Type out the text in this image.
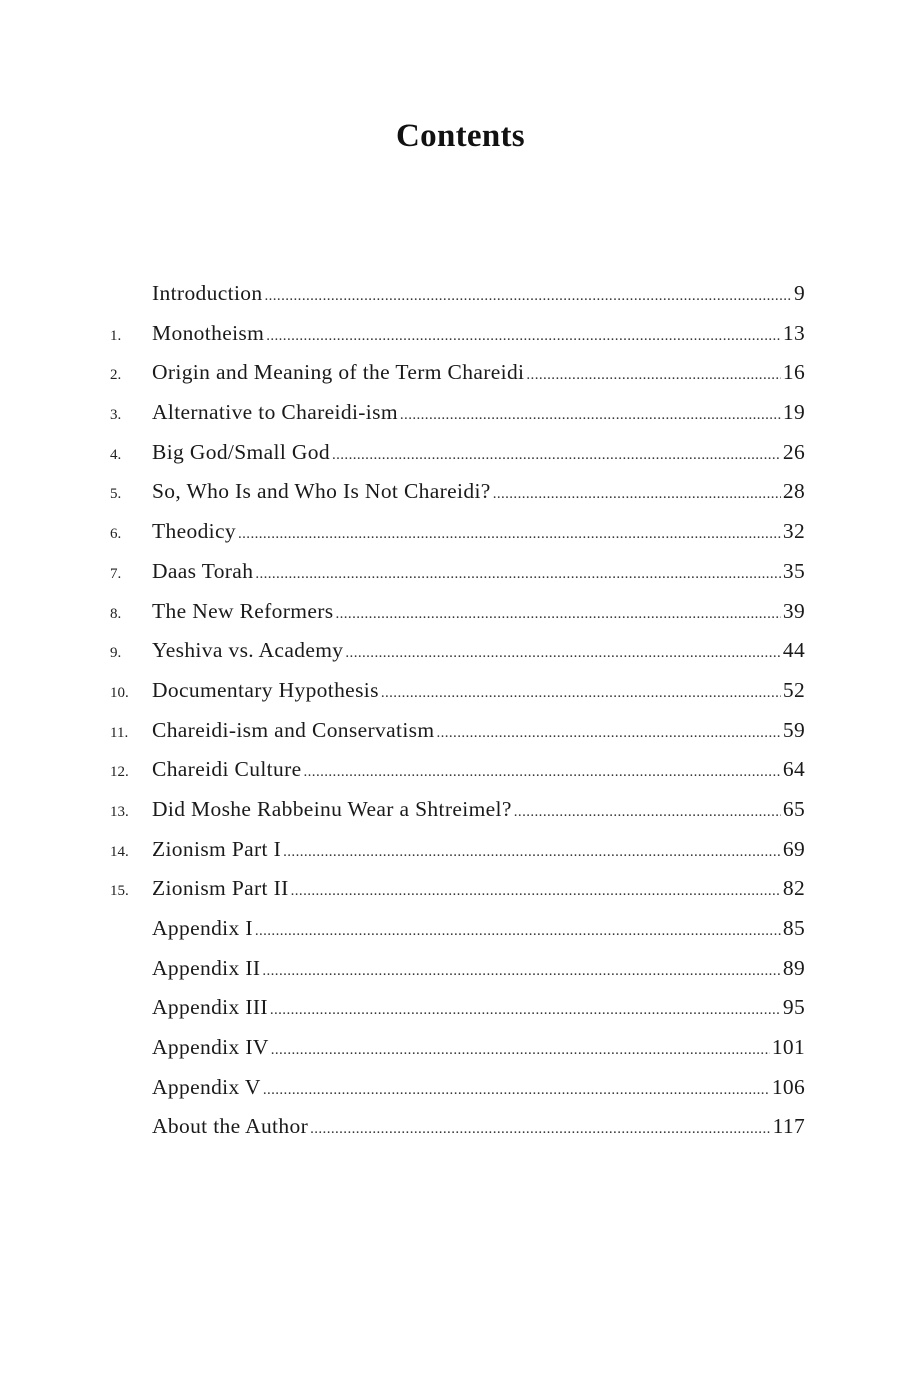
Contents
Introduction .....	9
1.	Monotheism .....	13
2.	Origin and Meaning of the Term Chareidi .....	16
3.	Alternative to Chareidi-ism .....	19
4.	Big God/Small God .....	26
5.	So, Who Is and Who Is Not Chareidi? .....	28
6.	Theodicy .....	32
7.	Daas Torah .....	35
8.	The New Reformers .....	39
9.	Yeshiva vs. Academy .....	44
10.	Documentary Hypothesis .....	52
11.	Chareidi-ism and Conservatism .....	59
12.	Chareidi Culture .....	64
13.	Did Moshe Rabbeinu Wear a Shtreimel? .....	65
14.	Zionism Part I .....	69
15.	Zionism Part II .....	82
Appendix I .....	85
Appendix II .....	89
Appendix III .....	95
Appendix IV .....	101
Appendix V .....	106
About the Author .....	117
